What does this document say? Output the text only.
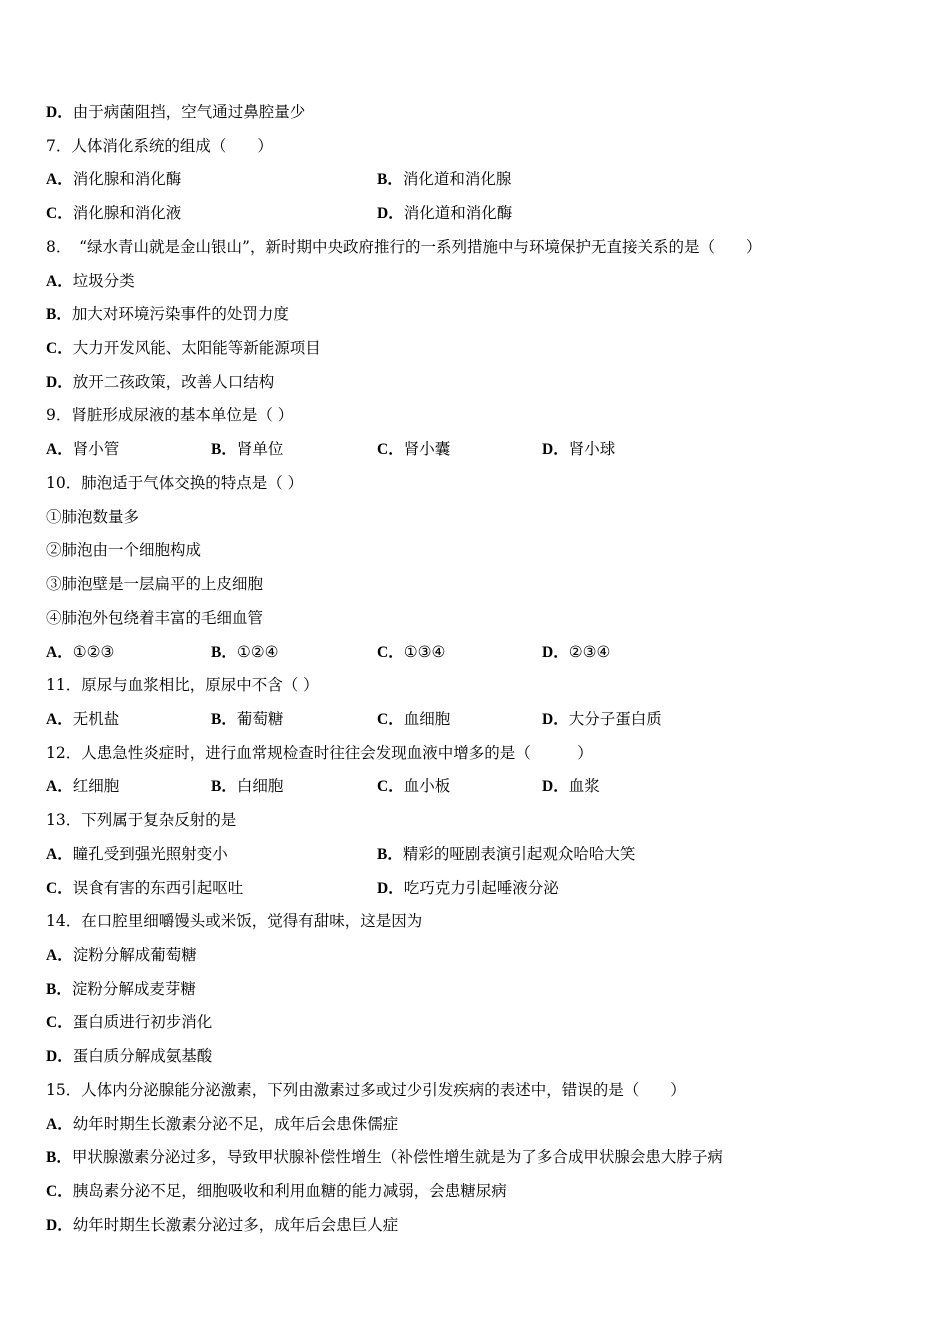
D．由于病菌阻挡，空气通过鼻腔量少
7．人体消化系统的组成（　　）
A．消化腺和消化酶	B．消化道和消化腺
C．消化腺和消化液	D．消化道和消化酶
8．　“绿水青山就是金山银山”，新时期中央政府推行的一系列措施中与环境保护无直接关系的是（　　）
A．垃圾分类
B．加大对环境污染事件的处罚力度
C．大力开发风能、太阳能等新能源项目
D．放开二孩政策，改善人口结构
9．肾脏形成尿液的基本单位是（ ）
A．肾小管	B．肾单位	C．肾小囊	D．肾小球
10．肺泡适于气体交换的特点是（ ）
①肺泡数量多
②肺泡由一个细胞构成
③肺泡壁是一层扁平的上皮细胞
④肺泡外包绕着丰富的毛细血管
A．①②③	B．①②④	C．①③④	D．②③④
11．原尿与血浆相比，原尿中不含（ ）
A．无机盐	B．葡萄糖	C．血细胞	D．大分子蛋白质
12．人患急性炎症时，进行血常规检查时往往会发现血液中增多的是（　　　）
A．红细胞	B．白细胞	C．血小板	D．血浆
13．下列属于复杂反射的是
A．瞳孔受到强光照射变小	B．精彩的哑剧表演引起观众哈哈大笑
C．误食有害的东西引起呕吐	D．吃巧克力引起唾液分泌
14．在口腔里细嚼馒头或米饭，觉得有甜味，这是因为
A．淀粉分解成葡萄糖
B．淀粉分解成麦芽糖
C．蛋白质进行初步消化
D．蛋白质分解成氨基酸
15．人体内分泌腺能分泌激素，下列由激素过多或过少引发疾病的表述中，错误的是（　　）
A．幼年时期生长激素分泌不足，成年后会患侏儒症
B．甲状腺激素分泌过多，导致甲状腺补偿性增生（补偿性增生就是为了多合成甲状腺会患大脖子病
C．胰岛素分泌不足，细胞吸收和利用血糖的能力减弱，会患糖尿病
D．幼年时期生长激素分泌过多，成年后会患巨人症
